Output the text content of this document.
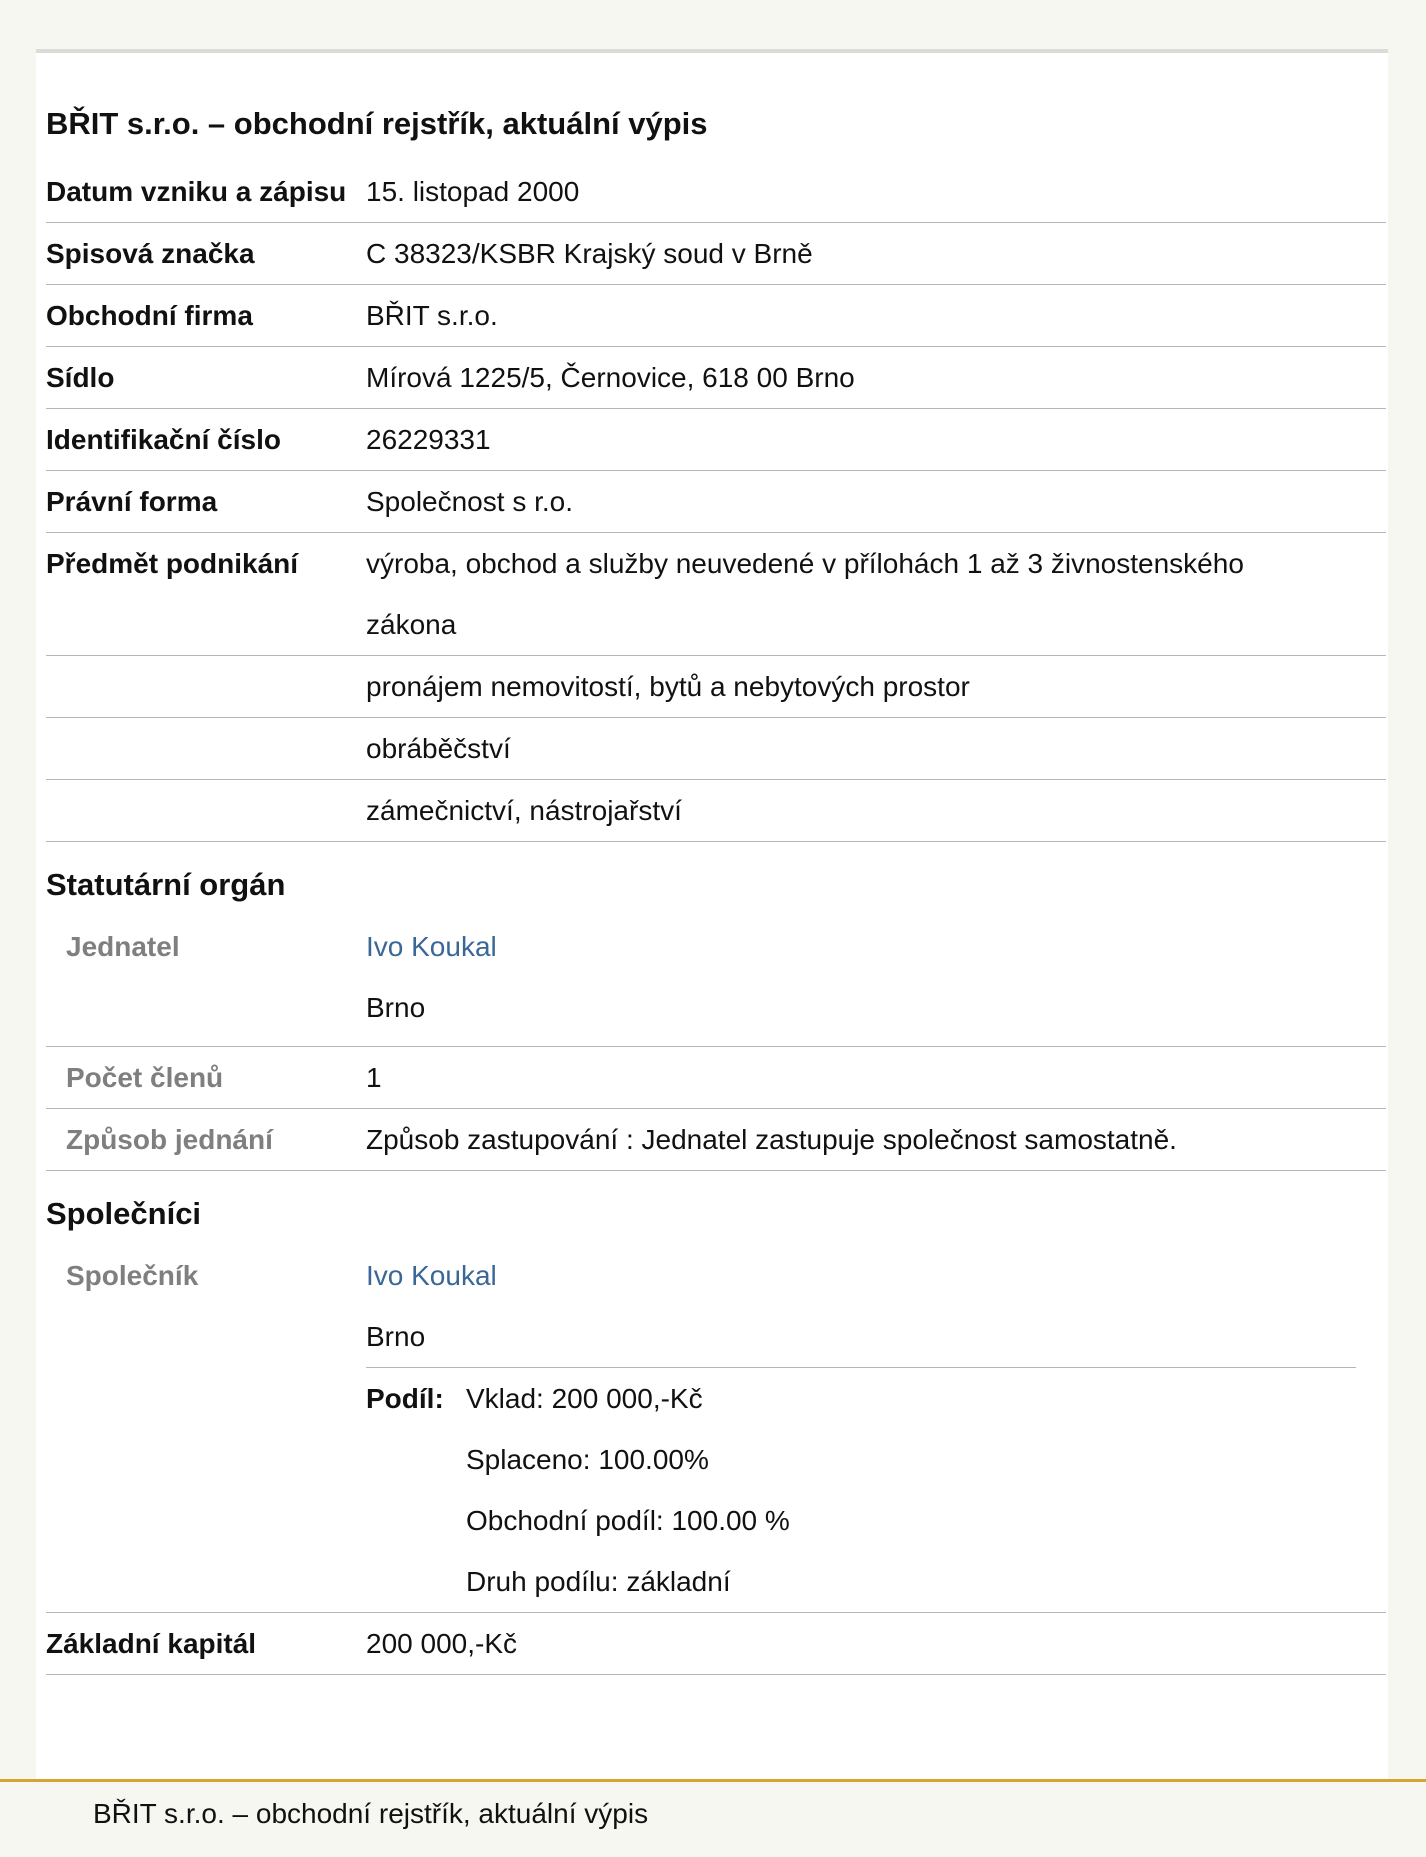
BŘIT s.r.o. – obchodní rejstřík, aktuální výpis
Datum vzniku a zápisu 15. listopad 2000
Spisová značka	C 38323/KSBR Krajský soud v Brně
Obchodní firma	BŘIT s.r.o.
Sídlo	Mírová 1225/5, Černovice, 618 00 Brno
Identifikační číslo	26229331
Právní forma	Společnost s r.o.
Předmět podnikání	výroba, obchod a služby neuvedené v přílohách 1 až 3 živnostenského zákona
pronájem nemovitostí, bytů a nebytových prostor
obráběčství
zámečnictví, nástrojařství
Statutární orgán
Jednatel	Ivo Koukal
Brno
Počet členů	1
Způsob jednání	Způsob zastupování : Jednatel zastupuje společnost samostatně.
Společníci
Společník	Ivo Koukal
Brno
Podíl: Vklad: 200 000,-Kč
Splaceno: 100.00%
Obchodní podíl: 100.00 %
Druh podílu: základní
Základní kapitál	200 000,-Kč
BŘIT s.r.o. – obchodní rejstřík, aktuální výpis
